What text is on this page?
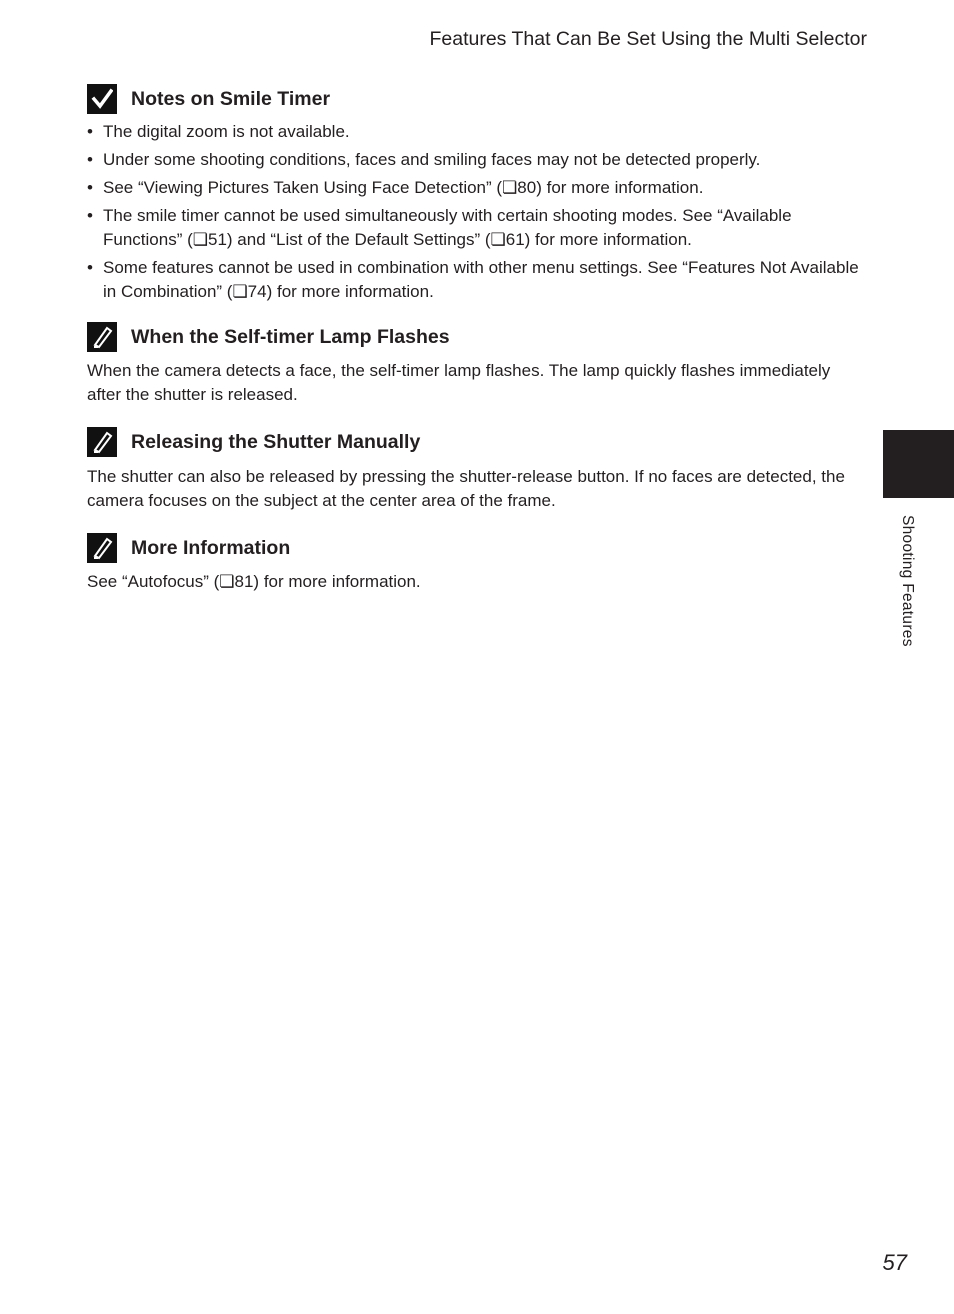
Features That Can Be Set Using the Multi Selector
Notes on Smile Timer
• The digital zoom is not available.
• Under some shooting conditions, faces and smiling faces may not be detected properly.
• See “Viewing Pictures Taken Using Face Detection” (❏80) for more information.
• The smile timer cannot be used simultaneously with certain shooting modes. See “Available Functions” (❏51) and “List of the Default Settings” (❏61) for more information.
• Some features cannot be used in combination with other menu settings. See “Features Not Available in Combination” (❏74) for more information.
When the Self-timer Lamp Flashes

When the camera detects a face, the self-timer lamp flashes. The lamp quickly flashes immediately after the shutter is released.

Releasing the Shutter Manually

The shutter can also be released by pressing the shutter-release button. If no faces are detected, the camera focuses on the subject at the center area of the frame.

More Information

See “Autofocus” (❏81) for more information.	Shooting Features
57
